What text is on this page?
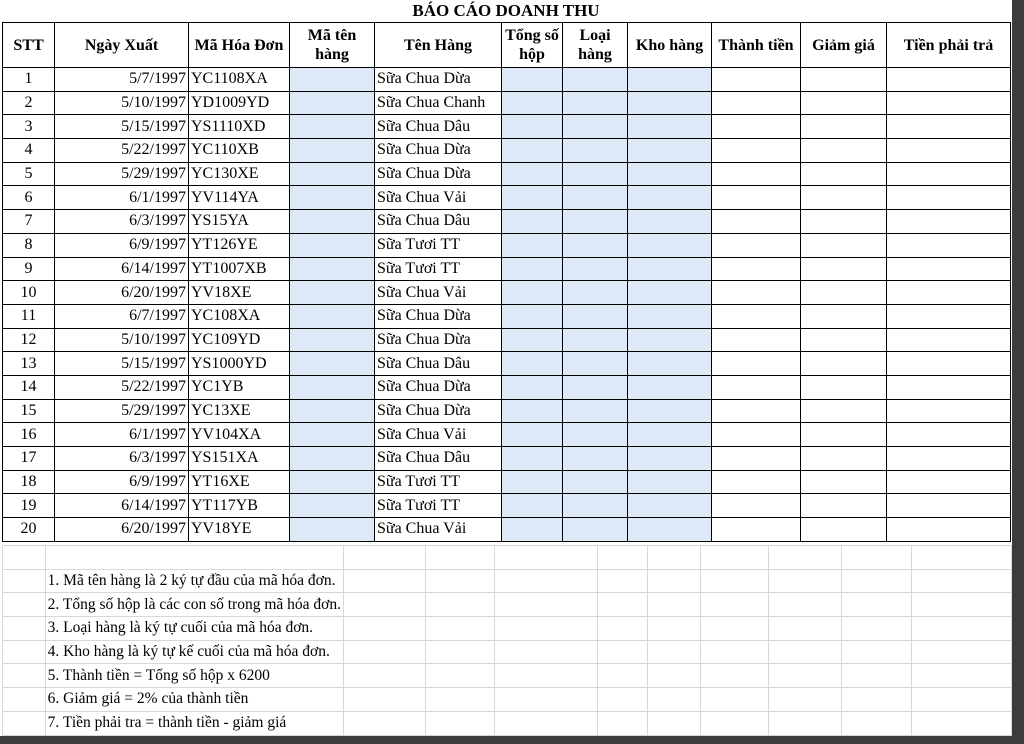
BÁO CÁO DOANH THU
STT	Ngày Xuất	Mã Hóa Đơn	Mã tên hàng	Tên Hàng	Tổng số hộp	Loại hàng	Kho hàng	Thành tiền	Giảm giá	Tiền phải trả
1	5/7/1997	YC1108XA		Sữa Chua Dừa						
2	5/10/1997	YD1009YD		Sữa Chua Chanh						
3	5/15/1997	YS1110XD		Sữa Chua Dâu						
4	5/22/1997	YC110XB		Sữa Chua Dừa						
5	5/29/1997	YC130XE		Sữa Chua Dừa						
6	6/1/1997	YV114YA		Sữa Chua Vải						
7	6/3/1997	YS15YA		Sữa Chua Dâu						
8	6/9/1997	YT126YE		Sữa Tươi TT						
9	6/14/1997	YT1007XB		Sữa Tươi TT						
10	6/20/1997	YV18XE		Sữa Chua Vải						
11	6/7/1997	YC108XA		Sữa Chua Dừa						
12	5/10/1997	YC109YD		Sữa Chua Dừa						
13	5/15/1997	YS1000YD		Sữa Chua Dâu						
14	5/22/1997	YC1YB		Sữa Chua Dừa						
15	5/29/1997	YC13XE		Sữa Chua Dừa						
16	6/1/1997	YV104XA		Sữa Chua Vải						
17	6/3/1997	YS151XA		Sữa Chua Dâu						
18	6/9/1997	YT16XE		Sữa Tươi TT						
19	6/14/1997	YT117YB		Sữa Tươi TT						
20	6/20/1997	YV18YE		Sữa Chua Vải						

	1. Mã tên hàng là 2 ký tự đầu của mã hóa đơn.									
	2. Tổng số hộp là các con số trong mã hóa đơn.									
	3. Loại hàng là ký tự cuối của mã hóa đơn.									
	4. Kho hàng là ký tự kế cuối của mã hóa đơn.									
	5. Thành tiền = Tổng số hộp x 6200									
	6. Giảm giá = 2% của thành tiền									
	7. Tiền phải tra = thành tiền - giảm giá									
